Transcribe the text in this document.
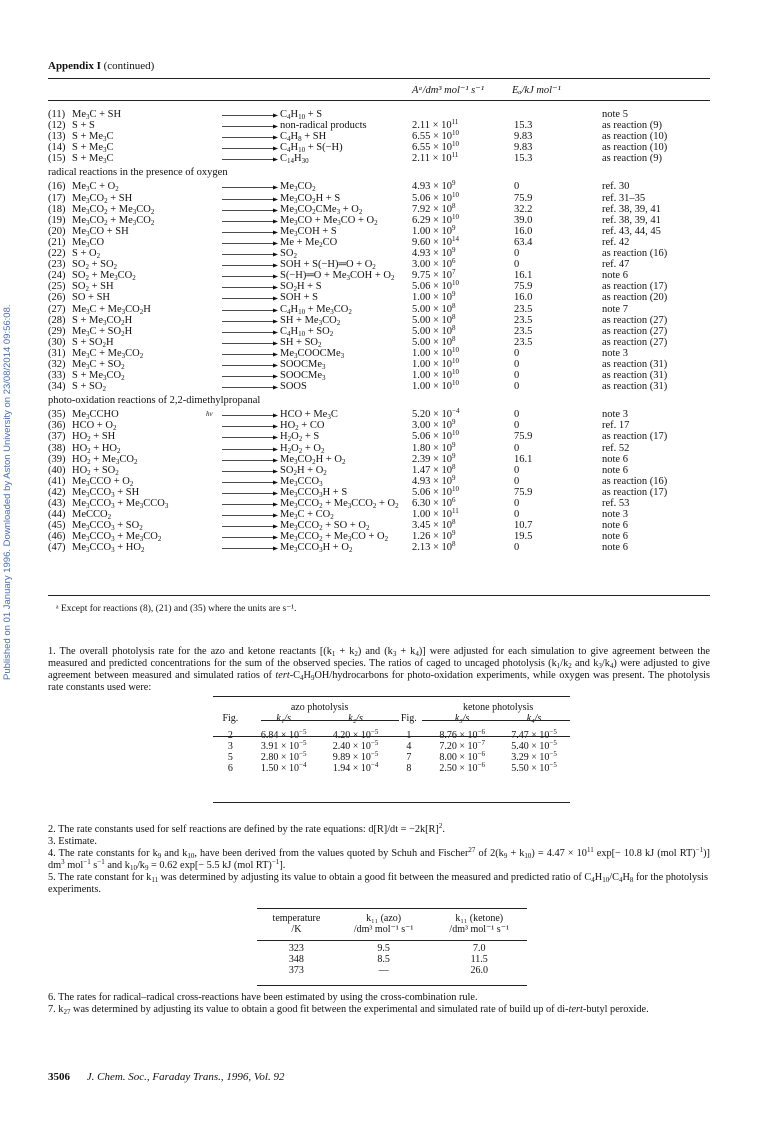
Published on 01 January 1996. Downloaded by Aston University on 23/08/2014 09:56:08.
Appendix I (continued)
Aᵃ/dm³ mol⁻¹ s⁻¹	Eₐ/kJ mol⁻¹
(11) $Me_3C$ + SH	$C_4H_{10} + S$	note 5
(12) S + S	non-radical products	$2.11 \times 10^{11}$	15.3	as reaction (9)
(13) $S + Me_3C$	$C_4H_8$ + SH	$6.55 \times 10^{10}$	9.83	as reaction (10)
(14) $S + Me_3C$	$C_4H_{10} + S(-H)$	$6.55 \times 10^{10}$	9.83	as reaction (10)
(15) $S + Me_3C$	$C_{14}H_{30}$	$2.11 \times 10^{11}$	15.3	as reaction (9)
radical reactions in the presence of oxygen
(16) $Me_3C + O_2$	$Me_3CO_2$	$4.93 \times 10^9$	0	ref. 30
(17) $Me_3CO_2$ + SH	$Me_3CO_2H + S$	$5.06 \times 10^{10}$	75.9	ref. 31–35
(18) $Me_3CO_2 + Me_3CO_2$	$Me_3CO_2CMe_3 + O_2$	$7.92 \times 10^8$	32.2	ref. 38, 39, 41
(19) $Me_3CO_2 + Me_3CO_2$	$Me_3CO + Me_3CO + O_2$	$6.29 \times 10^{10}$	39.0	ref. 38, 39, 41
(20) $Me_3CO$ + SH	$Me_3COH + S$	$1.00 \times 10^9$	16.0	ref. 43, 44, 45
(21) $Me_3CO$	$Me + Me_2CO$	$9.60 \times 10^{14}$	63.4	ref. 42
(22) $S + O_2$	$SO_2$	$4.93 \times 10^9$	0	as reaction (16)
(23) $SO_2 + SO_2$	SOH + S(−H)═O + $O_2$	$3.00 \times 10^6$	0	ref. 47
(24) $SO_2 + Me_3CO_2$	S(−H)═O + $Me_3COH + O_2$ $9.75 \times 10^7$	16.1	note 6
(25) $SO_2$ + SH	$SO_2H + S$	$5.06 \times 10^{10}$	75.9	as reaction (17)
(26) SO + SH	SOH + S	$1.00 \times 10^9$	16.0	as reaction (20)
(27) $Me_3C + Me_3CO_2H$	$C_4H_{10} + Me_3CO_2$	$5.00 \times 10^8$	23.5	note 7
(28) $S + Me_3CO_2H$	SH + $Me_3CO_2$	$5.00 \times 10^8$	23.5	as reaction (27)
(29) $Me_3C + SO_2H$	$C_4H_{10} + SO_2$	$5.00 \times 10^8$	23.5	as reaction (27)
(30) $S + SO_2H$	SH + $SO_2$	$5.00 \times 10^8$	23.5	as reaction (27)
(31) $Me_3C + Me_3CO_2$	$Me_3COOCMe_3$	$1.00 \times 10^{10}$	0	note 3
(32) $Me_3C + SO_2$	SOOCMe$_3$	$1.00 \times 10^{10}$	0	as reaction (31)
(33) $S + Me_3CO_2$	SOOCMe$_3$	$1.00 \times 10^{10}$	0	as reaction (31)
(34) $S + SO_2$	SOOS	$1.00 \times 10^{10}$	0	as reaction (31)
photo-oxidation reactions of 2,2-dimethylpropanal
(35) $Me_3CCHO$	HCO + $Me_3C$	$5.20 \times 10^{-4}$	0	note 3
hν
(36) HCO + $O_2$	$HO_2$ + CO	$3.00 \times 10^9$	0	ref. 17
(37) $HO_2$ + SH	$H_2O_2 + S$	$5.06 \times 10^{10}$	75.9	as reaction (17)
(38) $HO_2 + HO_2$	$H_2O_2 + O_2$	$1.80 \times 10^9$	0	ref. 52
(39) $HO_2 + Me_3CO_2$	$Me_3CO_2H + O_2$	$2.39 \times 10^9$	16.1	note 6
(40) $HO_2 + SO_2$	$SO_2H + O_2$	$1.47 \times 10^8$	0	note 6
(41) $Me_3CCO + O_2$	$Me_3CCO_3$	$4.93 \times 10^9$	0	as reaction (16)
(42) $Me_3CCO_3$ + SH	$Me_3CCO_3H + S$	$5.06 \times 10^{10}$	75.9	as reaction (17)
(43) $Me_3CCO_3 + Me_3CCO_3$	$Me_3CCO_2 + Me_3CCO_2 + O_2$ $6.30 \times 10^6$	0	ref. 53
(44) MeCCO$_2$	$Me_3C + CO_2$	$1.00 \times 10^{11}$	0	note 3
(45) $Me_3CCO_3 + SO_2$	$Me_3CCO_2$ + SO + $O_2$	$3.45 \times 10^8$	10.7	note 6
(46) $Me_3CCO_3 + Me_3CO_2$	$Me_3CCO_2 + Me_3CO + O_2$ $1.26 \times 10^9$	19.5	note 6
(47) $Me_3CCO_3 + HO_2$	$Me_3CCO_3H + O_2$	$2.13 \times 10^8$	0	note 6
ᵃ Except for reactions (8), (21) and (35) where the units are s⁻¹.
1. The overall photolysis rate for the azo and ketone reactants [$(k_1 + k_2)$ and $(k_3 + k_4)$] were adjusted for each simulation to give agreement between the measured and predicted concentrations for the sum of the observed species. The ratios of caged to uncaged photolysis ($k_1/k_2$ and $k_3/k_4$) were adjusted to give agreement between measured and simulated ratios of tert-$C_4H_9OH$/hydrocarbons for photo-oxidation experiments, while oxygen was present. The photolysis rate constants used were:
	azo photolysis			ketone photolysis	
Fig.	k₁/s	k₂/s	Fig.	k₃/s	k₄/s

2	$6.84 \times 10^{-5}$	$4.20 \times 10^{-5}$	1	$8.76 \times 10^{-6}$	$7.47 \times 10^{-5}$
3	$3.91 \times 10^{-5}$	$2.40 \times 10^{-5}$	4	$7.20 \times 10^{-7}$	$5.40 \times 10^{-5}$
5	$2.80 \times 10^{-5}$	$9.89 \times 10^{-5}$	7	$8.00 \times 10^{-6}$	$3.29 \times 10^{-5}$
6	$1.50 \times 10^{-4}$	$1.94 \times 10^{-4}$	8	$2.50 \times 10^{-6}$	$5.50 \times 10^{-5}$
2. The rate constants used for self reactions are defined by the rate equations: $d[R]/dt = -2k[R]^2$.
3. Estimate.
4. The rate constants for $k_9$ and $k_{10}$, have been derived from the values quoted by Schuh and Fischer$^{27}$ of $2(k_9 + k_{10}) = 4.47 \times 10^{11}$ exp[− 10.8 kJ (mol RT)$^{-1}$)] $dm^3$ mol$^{-1}$ $s^{-1}$ and $k_{10}/k_9 = 0.62$ exp[− 5.5 kJ (mol RT)$^{-1}$].
5. The rate constant for $k_{11}$ was determined by adjusting its value to obtain a good fit between the measured and predicted ratio of $C_4H_{10}/C_4H_8$ for the photolysis experiments.
temperature	k₁₁ (azo)	k₁₁ (ketone)
/K	/dm³ mol⁻¹ s⁻¹	/dm³ mol⁻¹ s⁻¹

323	9.5	7.0
348	8.5	11.5
373	—	26.0
6. The rates for radical–radical cross-reactions have been estimated by using the cross-combination rule.
7. $k_{27}$ was determined by adjusting its value to obtain a good fit between the experimental and simulated rate of build up of di-tert-butyl peroxide.
3506 J. Chem. Soc., Faraday Trans., 1996, Vol. 92
